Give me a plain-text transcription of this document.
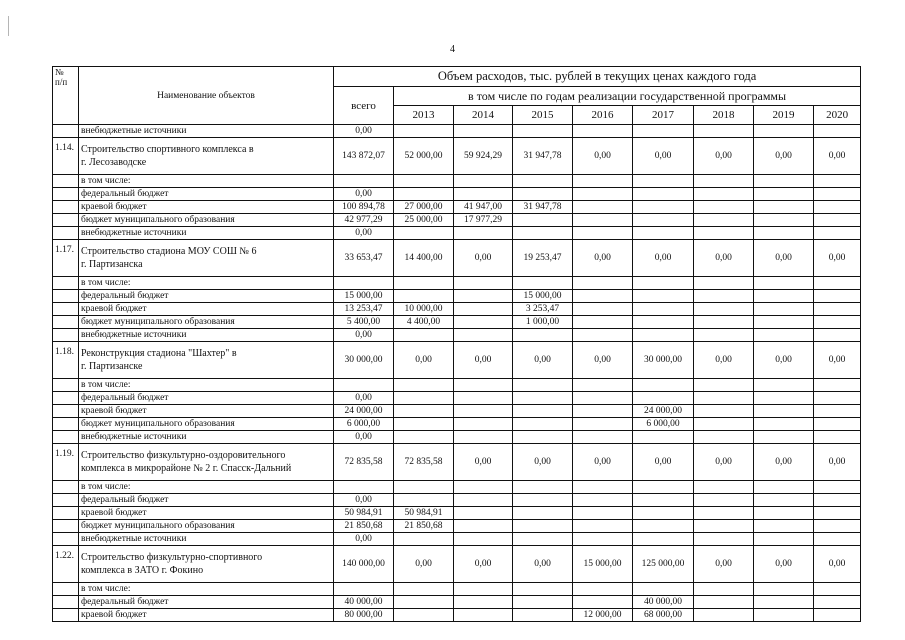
4
№
п/п	Наименование объектов	Объем расходов, тыс. рублей в текущих ценах каждого года								
		всего	в том числе по годам реализации государственной программы							
			2013	2014	2015	2016	2017	2018	2019	2020
	внебюджетные источники	0,00								
1.14.	Строительство спортивного комплекса в
г. Лесозаводске	143 872,07	52 000,00	59 924,29	31 947,78	0,00	0,00	0,00	0,00	0,00
	в том числе:									
	федеральный бюджет	0,00								
	краевой бюджет	100 894,78	27 000,00	41 947,00	31 947,78					
	бюджет муниципального образования	42 977,29	25 000,00	17 977,29						
	внебюджетные источники	0,00								
1.17.	Строительство стадиона МОУ СОШ № 6
г. Партизанска	33 653,47	14 400,00	0,00	19 253,47	0,00	0,00	0,00	0,00	0,00
	в том числе:									
	федеральный бюджет	15 000,00			15 000,00					
	краевой бюджет	13 253,47	10 000,00		3 253,47					
	бюджет муниципального образования	5 400,00	4 400,00		1 000,00					
	внебюджетные источники	0,00								
1.18.	Реконструкция стадиона "Шахтер" в
г. Партизанске	30 000,00	0,00	0,00	0,00	0,00	30 000,00	0,00	0,00	0,00
	в том числе:									
	федеральный бюджет	0,00								
	краевой бюджет	24 000,00					24 000,00			
	бюджет муниципального образования	6 000,00					6 000,00			
	внебюджетные источники	0,00								
1.19.	Строительство физкультурно-оздоровительного
комплекса в микрорайоне № 2 г. Спасск-Дальний	72 835,58	72 835,58	0,00	0,00	0,00	0,00	0,00	0,00	0,00
	в том числе:									
	федеральный бюджет	0,00								
	краевой бюджет	50 984,91	50 984,91							
	бюджет муниципального образования	21 850,68	21 850,68							
	внебюджетные источники	0,00								
1.22.	Строительство физкультурно-спортивного
комплекса в ЗАТО г. Фокино	140 000,00	0,00	0,00	0,00	15 000,00	125 000,00	0,00	0,00	0,00
	в том числе:									
	федеральный бюджет	40 000,00					40 000,00			
	краевой бюджет	80 000,00				12 000,00	68 000,00			
